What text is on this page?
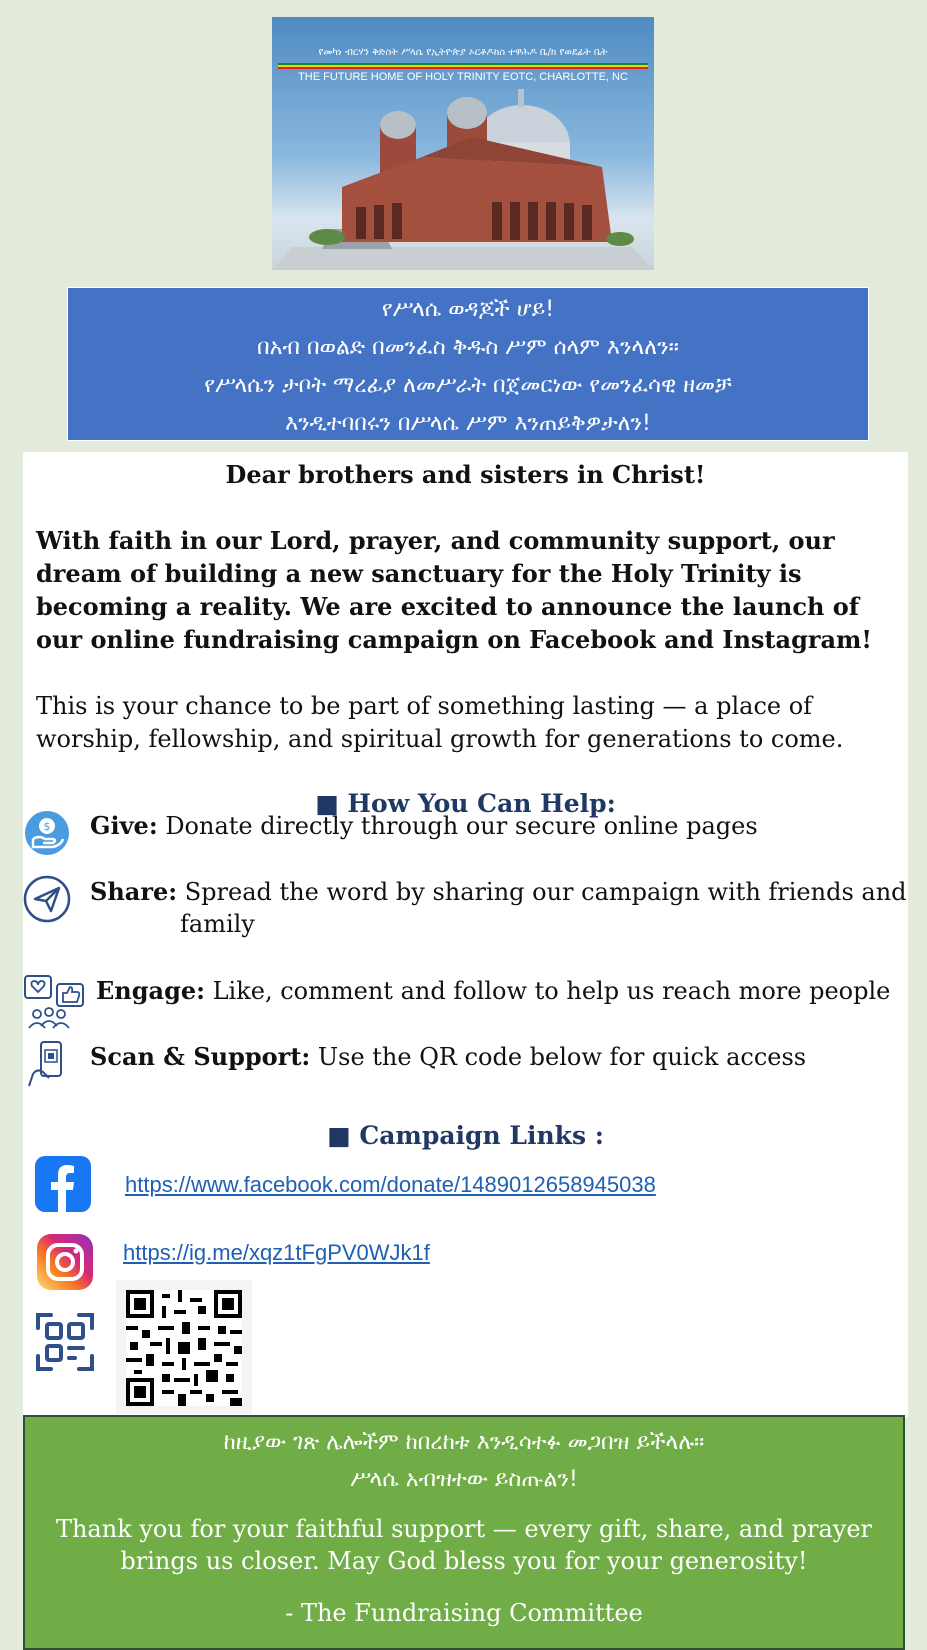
የመካነ ብርሃን ቅድስት ሥላሴ የኢትዮጵያ ኦርቶዶክስ ተዋሕዶ ቤ/ክ የወደፊት ቤት
THE FUTURE HOME OF HOLY TRINITY EOTC, CHARLOTTE, NC
የሥላሴ ወዳጆች ሆይ!
በአብ በወልድ በመንፈስ ቅዱስ ሥም ሰላም እንላለን።
የሥላሴን ታቦት ማረፊያ ለመሥራት በጀመርነው የመንፈሳዊ ዘመቻ
እንዲተባበሩን በሥላሴ ሥም እንጠይቅዎታለን!
Dear brothers and sisters in Christ!
With faith in our Lord, prayer, and community support, our dream of building a new sanctuary for the Holy Trinity is becoming a reality. We are excited to announce the launch of our online fundraising campaign on Facebook and Instagram!
This is your chance to be part of something lasting — a place of worship, fellowship, and spiritual growth for generations to come.
■ How You Can Help:
$ Give: Donate directly through our secure online pages
Share: Spread the word by sharing our campaign with friends and
family
Engage: Like, comment and follow to help us reach more people
Scan & Support: Use the QR code below for quick access
■ Campaign Links :
https://www.facebook.com/donate/1489012658945038
https://ig.me/xqz1tFgPV0WJk1f
ከዚያው ገጽ ሌሎችም ከበረከቱ እንዲሳተፉ መጋበዝ ይችላሉ።
ሥላሴ አብዝተው ይስጡልን!
Thank you for your faithful support — every gift, share, and prayer
brings us closer. May God bless you for your generosity!
- The Fundraising Committee
